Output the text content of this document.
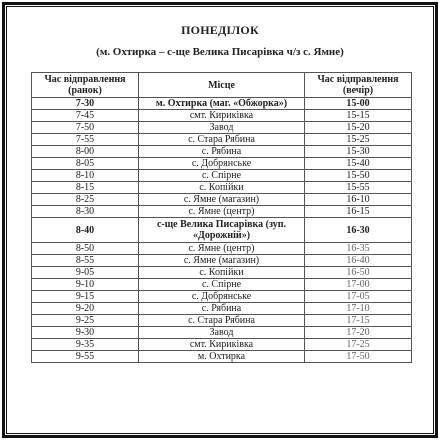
ПОНЕДІЛОК
(м. Охтирка – с-ще Велика Писарівка ч/з с. Ямне)
Час відправлення (ранок)	Місце	Час відправлення (вечір)
7-30	м. Охтирка (маг. «Обжорка»)	15-00
7-45	смт. Кириківка	15-15
7-50	Завод	15-20
7-55	с. Стара Рябина	15-25
8-00	с. Рябина	15-30
8-05	с. Добрянське	15-40
8-10	с. Спірне	15-50
8-15	с. Копійки	15-55
8-25	с. Ямне (магазин)	16-10
8-30	с. Ямне (центр)	16-15
8-40	с-ще Велика Писарівка (зуп. «Дорожній»)	16-30
8-50	с. Ямне (центр)	16-35
8-55	с. Ямне (магазин)	16-40
9-05	с. Копійки	16-50
9-10	с. Спірне	17-00
9-15	с. Добрянське	17-05
9-20	с. Рябина	17-10
9-25	с. Стара Рябина	17-15
9-30	Завод	17-20
9-35	смт. Кириківка	17-25
9-55	м. Охтирка	17-50
